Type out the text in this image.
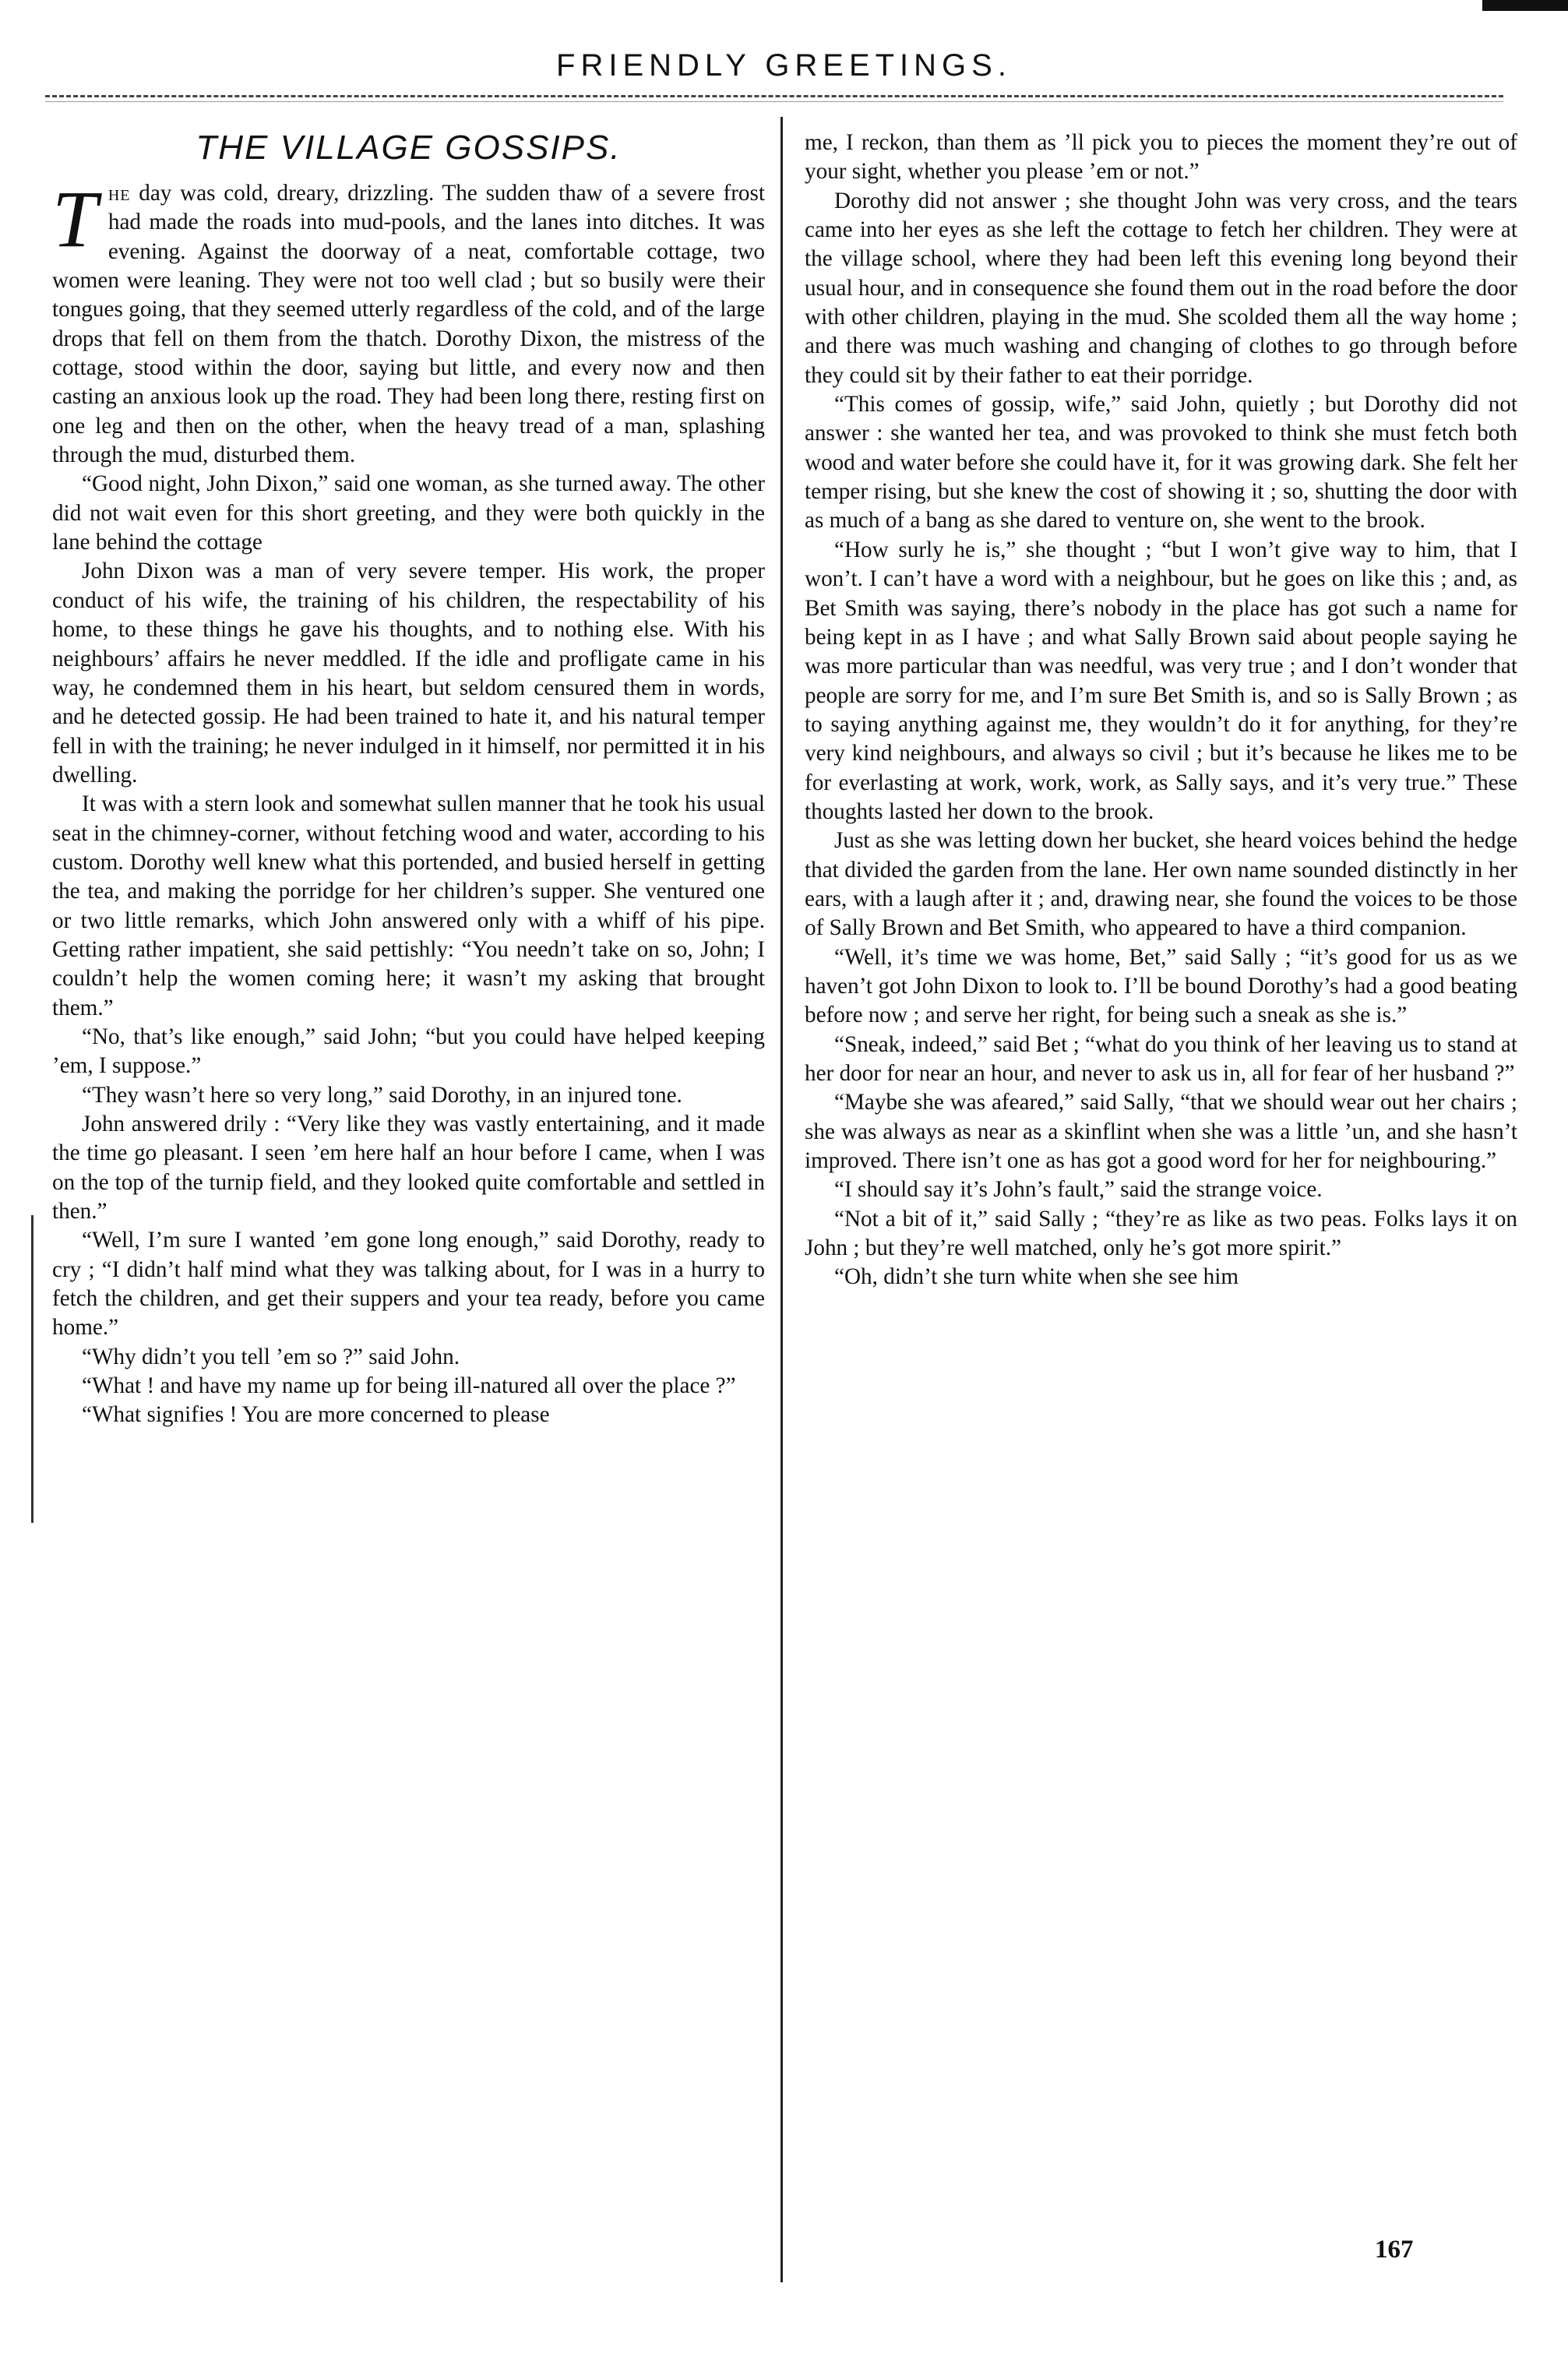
FRIENDLY GREETINGS.
THE VILLAGE GOSSIPS.

The day was cold, dreary, drizzling. The sudden thaw of a severe frost had made the roads into mud-pools, and the lanes into ditches. It was evening. Against the doorway of a neat, comfortable cottage, two women were leaning. They were not too well clad ; but so busily were their tongues going, that they seemed utterly regardless of the cold, and of the large drops that fell on them from the thatch. Dorothy Dixon, the mistress of the cottage, stood within the door, saying but little, and every now and then casting an anxious look up the road. They had been long there, resting first on one leg and then on the other, when the heavy tread of a man, splashing through the mud, disturbed them.

“Good night, John Dixon,” said one woman, as she turned away. The other did not wait even for this short greeting, and they were both quickly in the lane behind the cottage

John Dixon was a man of very severe temper. His work, the proper conduct of his wife, the training of his children, the respectability of his home, to these things he gave his thoughts, and to nothing else. With his neighbours’ affairs he never meddled. If the idle and profligate came in his way, he condemned them in his heart, but seldom censured them in words, and he detected gossip. He had been trained to hate it, and his natural temper fell in with the training; he never indulged in it himself, nor permitted it in his dwelling.

It was with a stern look and somewhat sullen manner that he took his usual seat in the chimney-corner, without fetching wood and water, according to his custom. Dorothy well knew what this portended, and busied herself in getting the tea, and making the porridge for her children’s supper. She ventured one or two little remarks, which John answered only with a whiff of his pipe. Getting rather impatient, she said pettishly: “You needn’t take on so, John; I couldn’t help the women coming here; it wasn’t my asking that brought them.”

“No, that’s like enough,” said John; “but you could have helped keeping ’em, I suppose.”

“They wasn’t here so very long,” said Dorothy, in an injured tone.

John answered drily : “Very like they was vastly entertaining, and it made the time go pleasant. I seen ’em here half an hour before I came, when I was on the top of the turnip field, and they looked quite comfortable and settled in then.”

“Well, I’m sure I wanted ’em gone long enough,” said Dorothy, ready to cry ; “I didn’t half mind what they was talking about, for I was in a hurry to fetch the children, and get their suppers and your tea ready, before you came home.”

“Why didn’t you tell ’em so ?” said John.

“What ! and have my name up for being ill-natured all over the place ?”

“What signifies ! You are more concerned to please

me, I reckon, than them as ’ll pick you to pieces the moment they’re out of your sight, whether you please ’em or not.”

Dorothy did not answer ; she thought John was very cross, and the tears came into her eyes as she left the cottage to fetch her children. They were at the village school, where they had been left this evening long beyond their usual hour, and in consequence she found them out in the road before the door with other children, playing in the mud. She scolded them all the way home ; and there was much washing and changing of clothes to go through before they could sit by their father to eat their porridge.

“This comes of gossip, wife,” said John, quietly ; but Dorothy did not answer : she wanted her tea, and was provoked to think she must fetch both wood and water before she could have it, for it was growing dark. She felt her temper rising, but she knew the cost of showing it ; so, shutting the door with as much of a bang as she dared to venture on, she went to the brook.

“How surly he is,” she thought ; “but I won’t give way to him, that I won’t. I can’t have a word with a neighbour, but he goes on like this ; and, as Bet Smith was saying, there’s nobody in the place has got such a name for being kept in as I have ; and what Sally Brown said about people saying he was more particular than was needful, was very true ; and I don’t wonder that people are sorry for me, and I’m sure Bet Smith is, and so is Sally Brown ; as to saying anything against me, they wouldn’t do it for anything, for they’re very kind neighbours, and always so civil ; but it’s because he likes me to be for everlasting at work, work, work, as Sally says, and it’s very true.” These thoughts lasted her down to the brook.

Just as she was letting down her bucket, she heard voices behind the hedge that divided the garden from the lane. Her own name sounded distinctly in her ears, with a laugh after it ; and, drawing near, she found the voices to be those of Sally Brown and Bet Smith, who appeared to have a third companion.

“Well, it’s time we was home, Bet,” said Sally ; “it’s good for us as we haven’t got John Dixon to look to. I’ll be bound Dorothy’s had a good beating before now ; and serve her right, for being such a sneak as she is.”

“Sneak, indeed,” said Bet ; “what do you think of her leaving us to stand at her door for near an hour, and never to ask us in, all for fear of her husband ?”

“Maybe she was afeared,” said Sally, “that we should wear out her chairs ; she was always as near as a skinflint when she was a little ’un, and she hasn’t improved. There isn’t one as has got a good word for her for neighbouring.”

“I should say it’s John’s fault,” said the strange voice.

“Not a bit of it,” said Sally ; “they’re as like as two peas. Folks lays it on John ; but they’re well matched, only he’s got more spirit.”

“Oh, didn’t she turn white when she see him

167
